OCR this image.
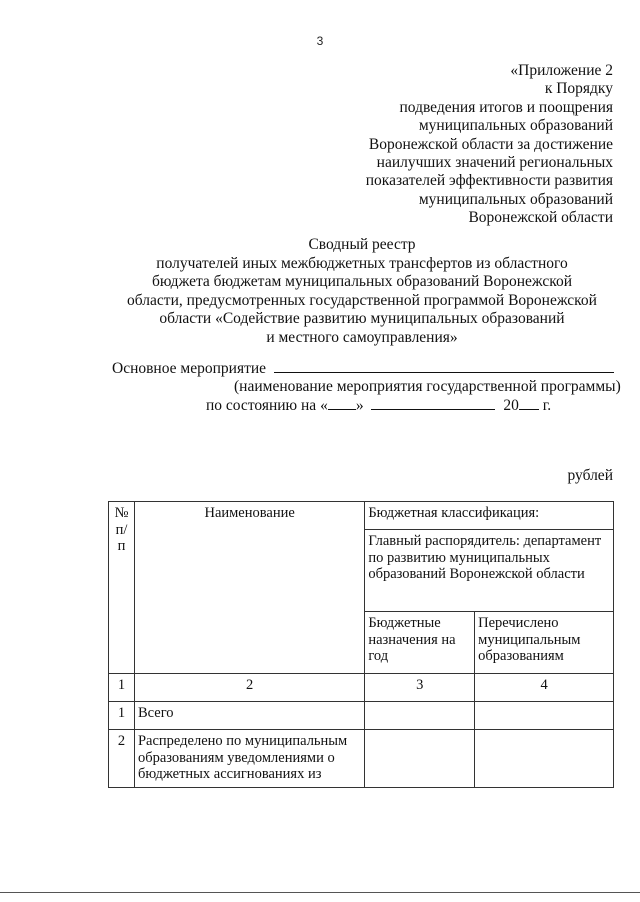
3
«Приложение 2
к Порядку
подведения итогов и поощрения
муниципальных образований
Воронежской области за достижение
наилучших значений региональных
показателей эффективности развития
муниципальных образований
Воронежской области
Сводный реестр
получателей иных межбюджетных трансфертов из областного
бюджета бюджетам муниципальных образований Воронежской
области, предусмотренных государственной программой Воронежской
области «Содействие развитию муниципальных образований
и местного самоуправления»
Основное мероприятие
(наименование мероприятия государственной программы)
по состоянию на « »	20 г.
рублей
№ п/п	Наименование	Бюджетная классификация:	
		Главный распорядитель: департамент по развитию муниципальных образований Воронежской области	
		Бюджетные назначения на год	Перечислено муниципальным образованиям
1	2	3	4
1	Всего		
2	Распределено по муниципальным образованиям уведомлениями о бюджетных ассигнованиях из		
